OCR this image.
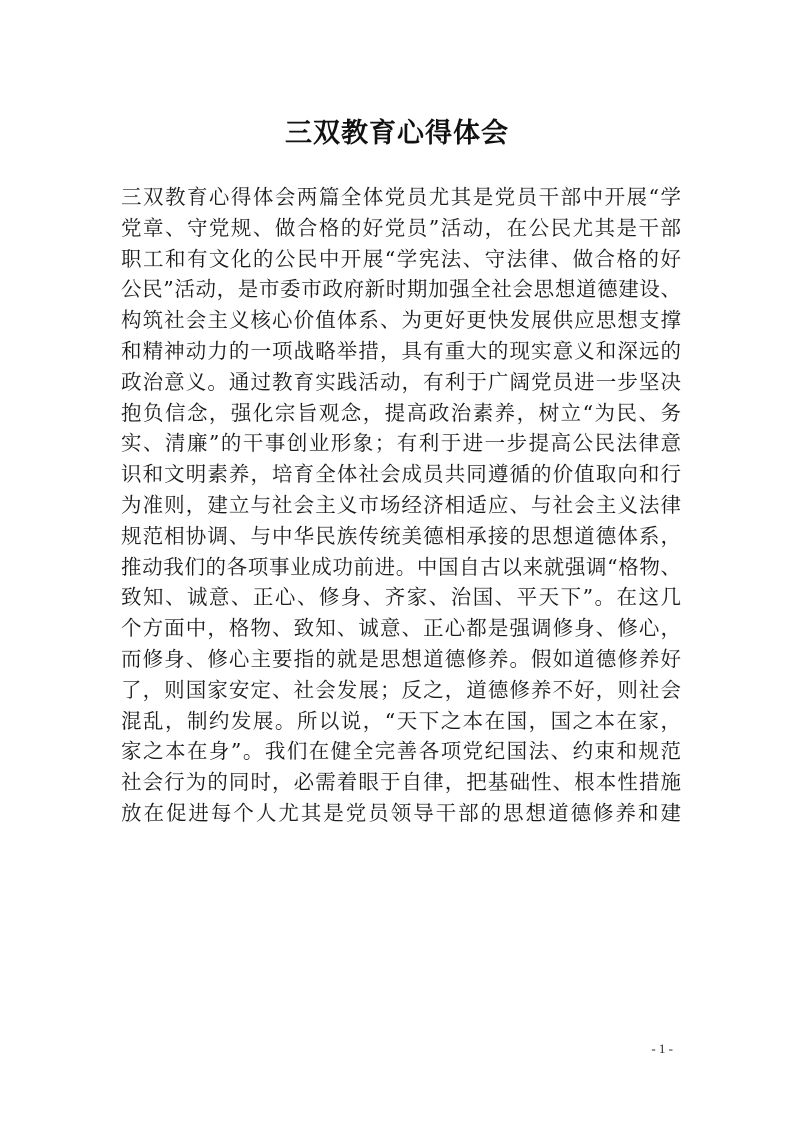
三双教育心得体会
三双教育心得体会两篇全体党员尤其是党员干部中开展“学
党章、守党规、做合格的好党员”活动，在公民尤其是干部
职工和有文化的公民中开展“学宪法、守法律、做合格的好
公民”活动，是市委市政府新时期加强全社会思想道德建设、
构筑社会主义核心价值体系、为更好更快发展供应思想支撑
和精神动力的一项战略举措，具有重大的现实意义和深远的
政治意义。通过教育实践活动，有利于广阔党员进一步坚决
抱负信念，强化宗旨观念，提高政治素养，树立“为民、务
实、清廉”的干事创业形象；有利于进一步提高公民法律意
识和文明素养，培育全体社会成员共同遵循的价值取向和行
为准则，建立与社会主义市场经济相适应、与社会主义法律
规范相协调、与中华民族传统美德相承接的思想道德体系，
推动我们的各项事业成功前进。中国自古以来就强调“格物、
致知、诚意、正心、修身、齐家、治国、平天下”。在这几
个方面中，格物、致知、诚意、正心都是强调修身、修心，
而修身、修心主要指的就是思想道德修养。假如道德修养好
了，则国家安定、社会发展；反之，道德修养不好，则社会
混乱，制约发展。所以说，“天下之本在国，国之本在家，
家之本在身”。我们在健全完善各项党纪国法、约束和规范
社会行为的同时，必需着眼于自律，把基础性、根本性措施
放在促进每个人尤其是党员领导干部的思想道德修养和建
- 1 -
